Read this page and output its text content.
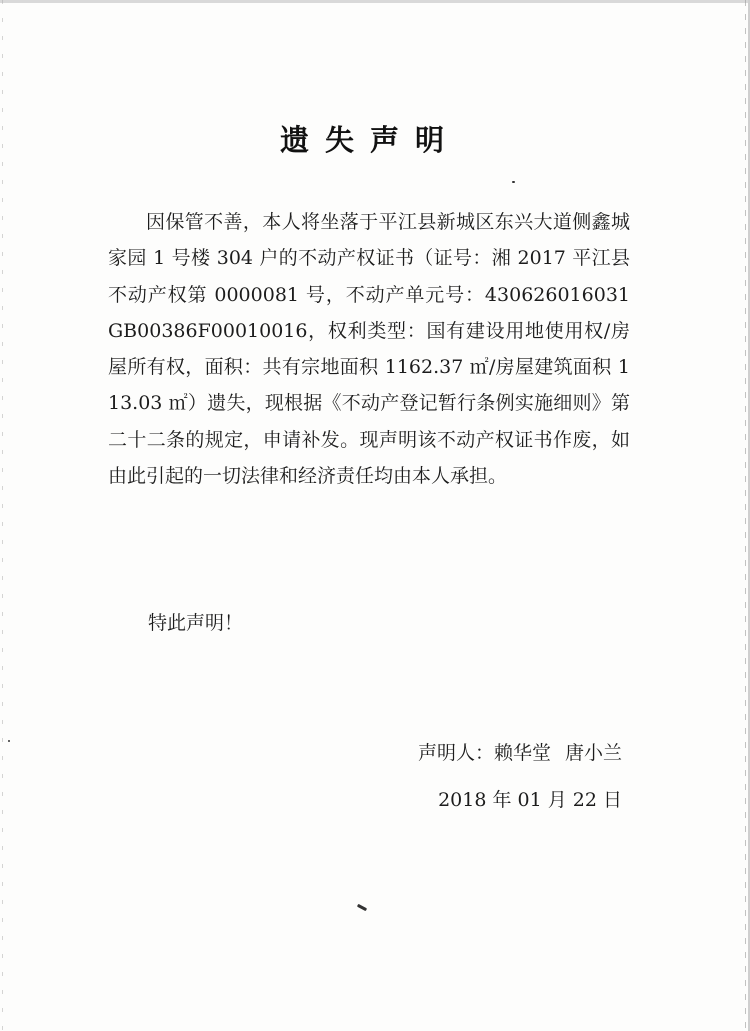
遗失声明

因保管不善，本人将坐落于平江县新城区东兴大道侧鑫城家园 1 号楼 304 户的不动产权证书（证号：湘 2017 平江县不动产权第 0000081 号，不动产单元号：430626016031GB00386F00010016，权利类型：国有建设用地使用权/房屋所有权，面积：共有宗地面积 1162.37 ㎡/房屋建筑面积 113.03 ㎡）遗失，现根据《不动产登记暂行条例实施细则》第二十二条的规定，申请补发。现声明该不动产权证书作废，如由此引起的一切法律和经济责任均由本人承担。

特此声明！
声明人：赖华堂 唐小兰
2018 年 01 月 22 日
